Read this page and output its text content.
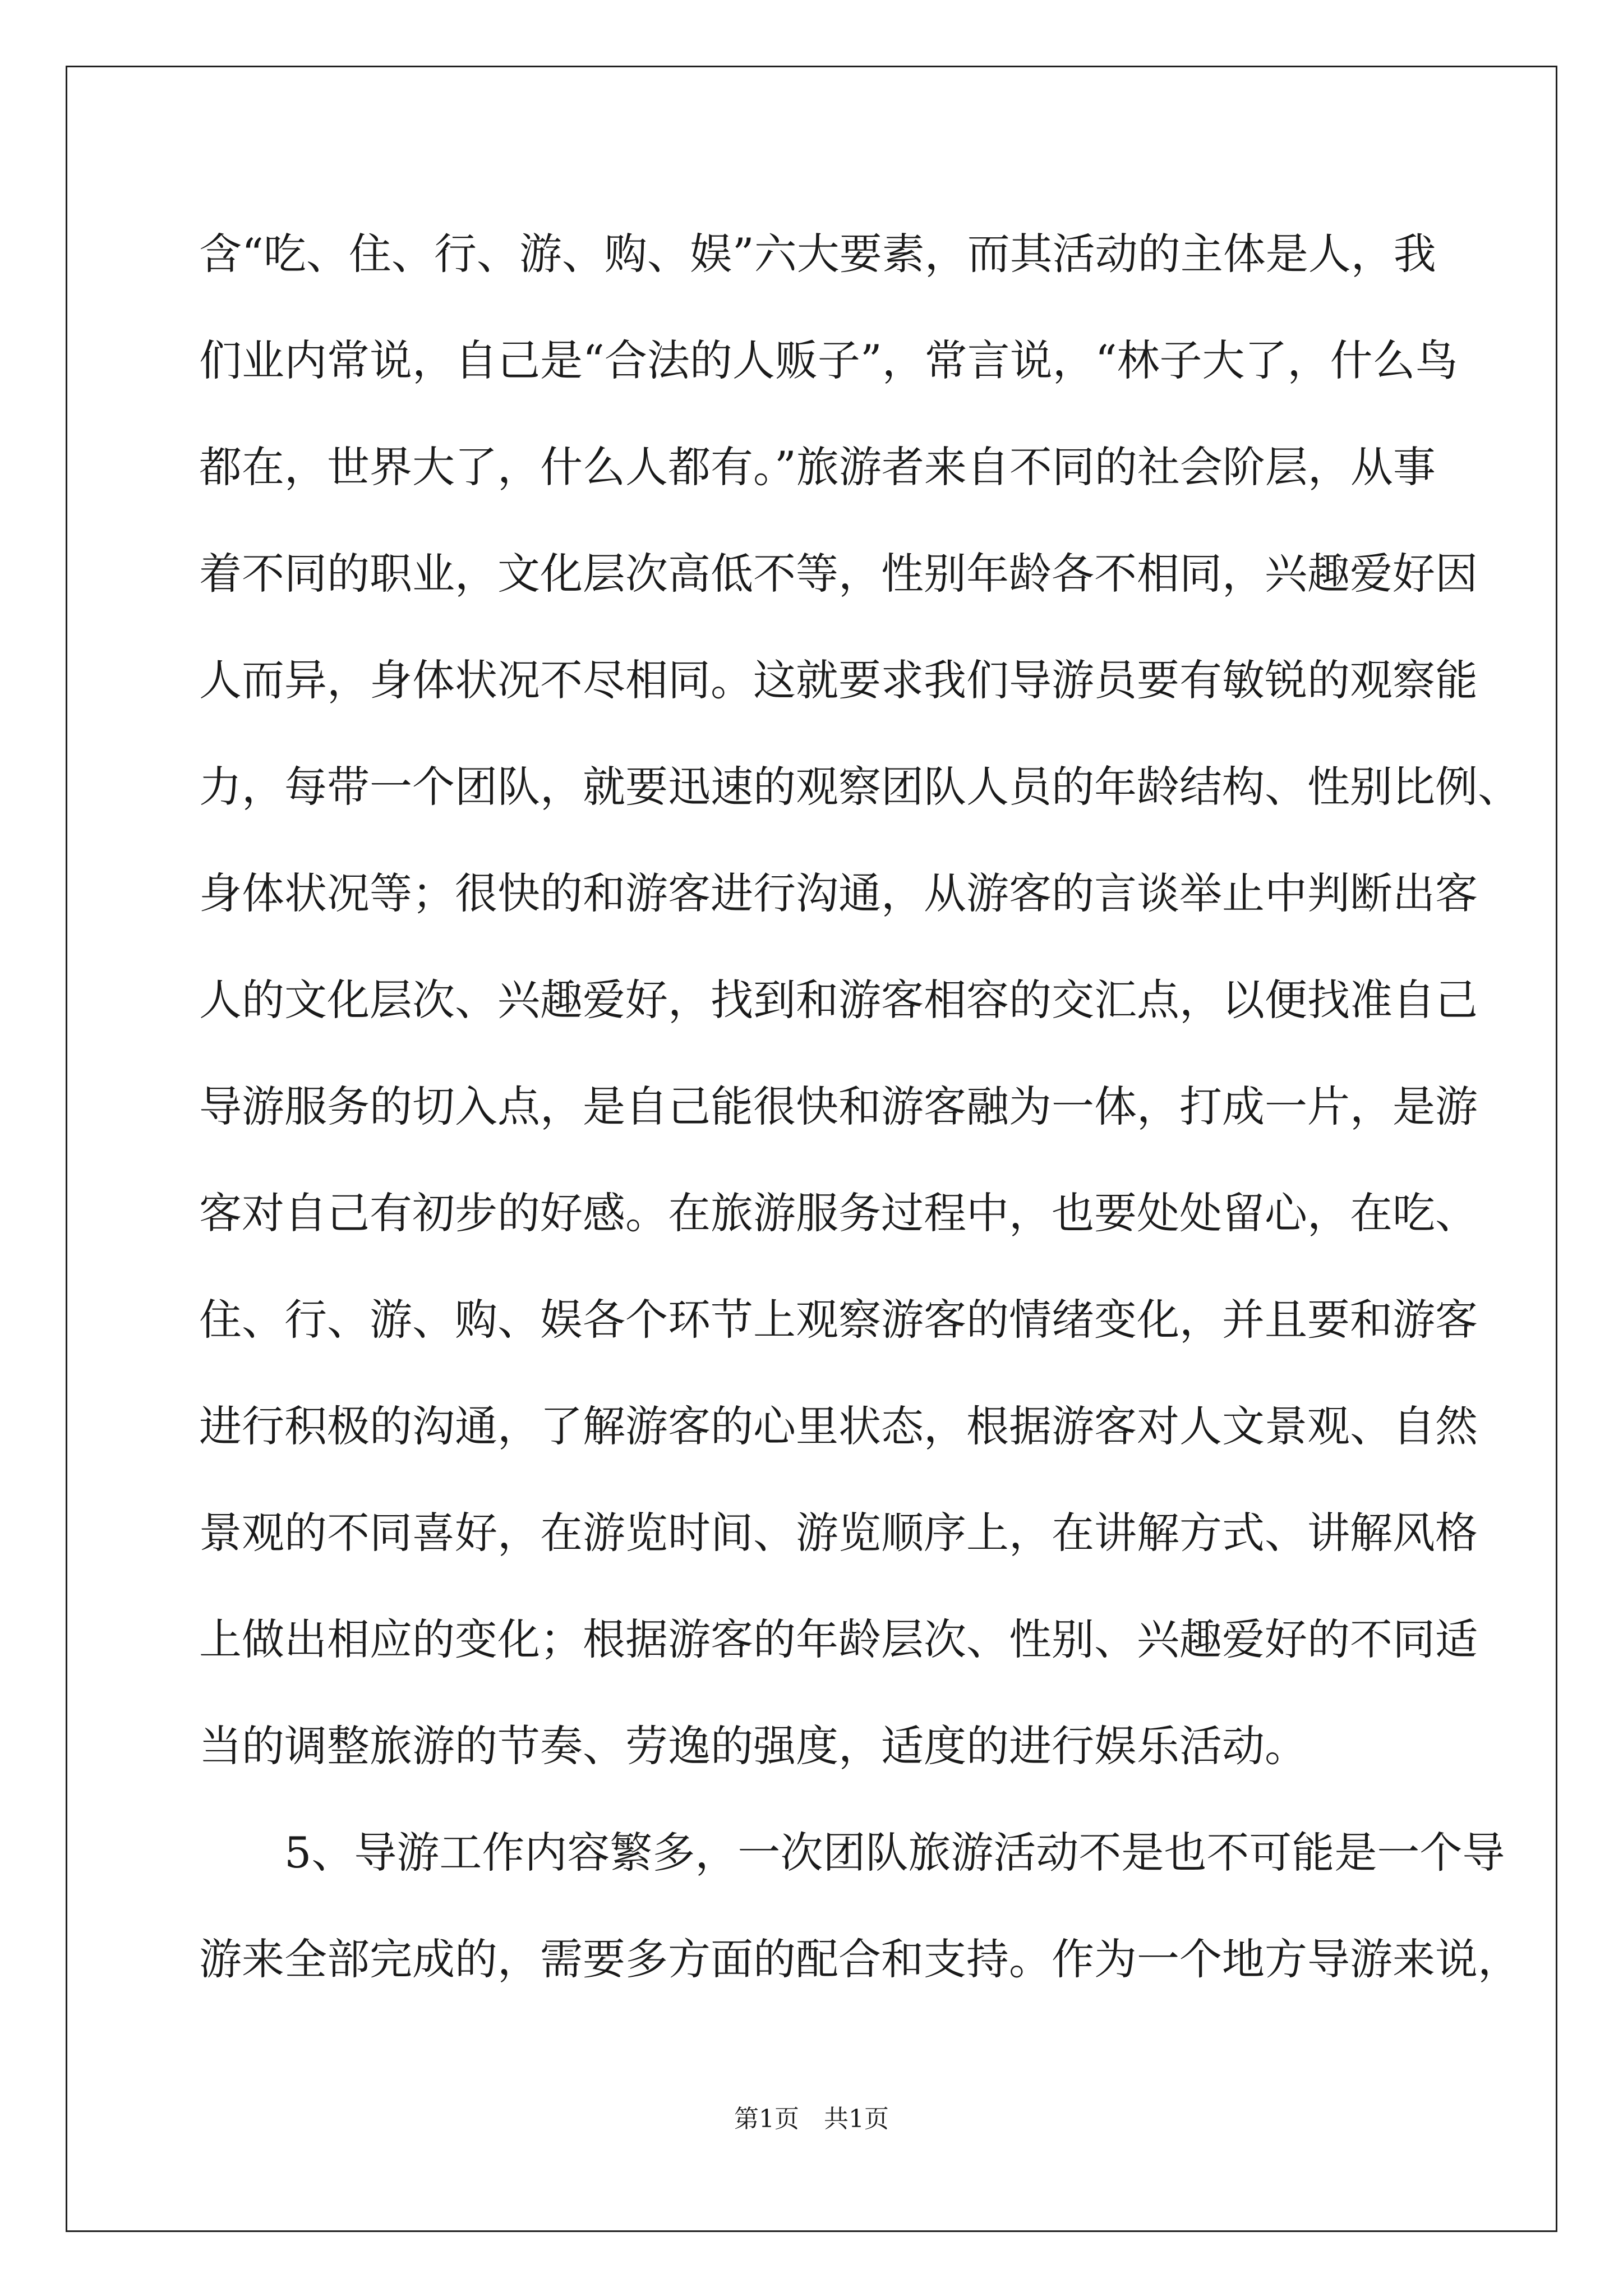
含“吃、住、行、游、购、娱”六大要素，而其活动的主体是人，我
们业内常说，自己是“合法的人贩子”，常言说，“林子大了，什么鸟
都在，世界大了，什么人都有。”旅游者来自不同的社会阶层，从事
着不同的职业，文化层次高低不等，性别年龄各不相同，兴趣爱好因
人而异，身体状况不尽相同。这就要求我们导游员要有敏锐的观察能
力，每带一个团队，就要迅速的观察团队人员的年龄结构、性别比例、
身体状况等；很快的和游客进行沟通，从游客的言谈举止中判断出客
人的文化层次、兴趣爱好，找到和游客相容的交汇点，以便找准自己
导游服务的切入点，是自己能很快和游客融为一体，打成一片，是游
客对自己有初步的好感。在旅游服务过程中，也要处处留心，在吃、
住、行、游、购、娱各个环节上观察游客的情绪变化，并且要和游客
进行积极的沟通，了解游客的心里状态，根据游客对人文景观、自然
景观的不同喜好，在游览时间、游览顺序上，在讲解方式、讲解风格
上做出相应的变化；根据游客的年龄层次、性别、兴趣爱好的不同适
当的调整旅游的节奏、劳逸的强度，适度的进行娱乐活动。
　　5、导游工作内容繁多，一次团队旅游活动不是也不可能是一个导
游来全部完成的，需要多方面的配合和支持。作为一个地方导游来说，
第1页　共1页
